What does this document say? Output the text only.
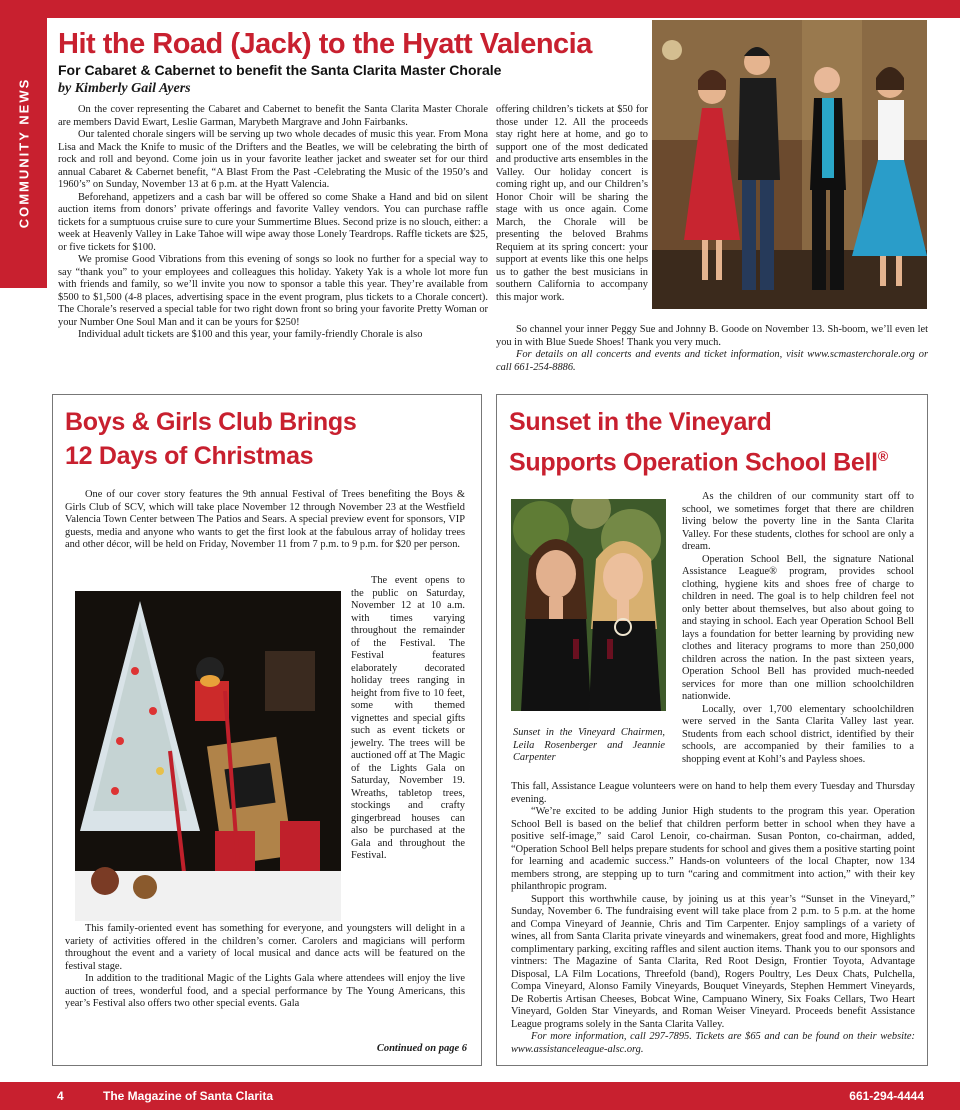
COMMUNITY NEWS
Hit the Road (Jack) to the Hyatt Valencia
For Cabaret & Cabernet to benefit the Santa Clarita Master Chorale
by Kimberly Gail Ayers

On the cover representing the Cabaret and Cabernet to benefit the Santa Clarita Master Chorale are members David Ewart, Leslie Garman, Marybeth Margrave and John Fairbanks.

Our talented chorale singers will be serving up two whole decades of music this year. From Mona Lisa and Mack the Knife to music of the Drifters and the Beatles, we will be celebrating the birth of rock and roll and beyond. Come join us in your favorite leather jacket and sweater set for our third annual Cabaret & Cabernet benefit, “A Blast From the Past -Celebrating the Music of the 1950’s and 1960’s” on Sunday, November 13 at 6 p.m. at the Hyatt Valencia.

Beforehand, appetizers and a cash bar will be offered so come Shake a Hand and bid on silent auction items from donors’ private offerings and favorite Valley vendors. You can purchase raffle tickets for a sumptuous cruise sure to cure your Summertime Blues. Second prize is no slouch, either: a week at Heavenly Valley in Lake Tahoe will wipe away those Lonely Teardrops. Raffle tickets are $25, or five tickets for $100.

We promise Good Vibrations from this evening of songs so look no further for a special way to say “thank you” to your employees and colleagues this holiday. Yakety Yak is a whole lot more fun with friends and family, so we’ll invite you now to sponsor a table this year. They’re available from $500 to $1,500 (4-8 places, advertising space in the event program, plus tickets to a Chorale concert). The Chorale’s reserved a special table for two right down front so bring your favorite Pretty Woman or your Number One Soul Man and it can be yours for $250!

Individual adult tickets are $100 and this year, your family-friendly Chorale is also

offering children’s tickets at $50 for those under 12. All the proceeds stay right here at home, and go to support one of the most dedicated and productive arts ensembles in the Valley. Our holiday concert is coming right up, and our Children’s Honor Choir will be sharing the stage with us once again. Come March, the Chorale will be presenting the beloved Brahms Requiem at its spring concert: your support at events like this one helps us to gather the best musicians in southern California to accompany this major work.

So channel your inner Peggy Sue and Johnny B. Goode on November 13. Sh-boom, we’ll even let you in with Blue Suede Shoes! Thank you very much.

For details on all concerts and events and ticket information, visit www.scmasterchorale.org or call 661-254-8886.

Boys & Girls Club Brings
12 Days of Christmas

One of our cover story features the 9th annual Festival of Trees benefiting the Boys & Girls Club of SCV, which will take place November 12 through November 23 at the Westfield Valencia Town Center between The Patios and Sears. A special preview event for sponsors, VIP guests, media and anyone who wants to get the first look at the fabulous array of holiday trees and other décor, will be held on Friday, November 11 from 7 p.m. to 9 p.m. for $20 per person.

The event opens to the public on Saturday, November 12 at 10 a.m. with times varying throughout the remainder of the Festival. The Festival features elaborately decorated holiday trees ranging in height from five to 10 feet, some with themed vignettes and special gifts such as event tickets or jewelry. The trees will be auctioned off at The Magic of the Lights Gala on Saturday, November 19. Wreaths, tabletop trees, stockings and crafty gingerbread houses can also be purchased at the Gala and throughout the Festival.

This family-oriented event has something for everyone, and youngsters will delight in a variety of activities offered in the children’s corner. Carolers and magicians will perform throughout the event and a variety of local musical and dance acts will be featured on the festival stage.

In addition to the traditional Magic of the Lights Gala where attendees will enjoy the live auction of trees, wonderful food, and a special performance by The Young Americans, this year’s Festival also offers two other special events. Gala

Continued on page 6
Sunset in the Vineyard
Supports Operation School Bell®

Sunset in the Vineyard Chairmen, Leila Rosenberger and Jeannie Carpenter

As the children of our community start off to school, we sometimes forget that there are children living below the poverty line in the Santa Clarita Valley. For these students, clothes for school are only a dream.

Operation School Bell, the signature National Assistance League® program, provides school clothing, hygiene kits and shoes free of charge to children in need. The goal is to help children feel not only better about themselves, but also about going to and staying in school. Each year Operation School Bell lays a foundation for better learning by providing new clothes and literacy programs to more than 250,000 children across the nation. In the past sixteen years, Operation School Bell has provided much-needed services for more than one million schoolchildren nationwide.

Locally, over 1,700 elementary schoolchildren were served in the Santa Clarita Valley last year. Students from each school district, identified by their schools, are accompanied by their families to a shopping event at Kohl’s and Payless shoes.

This fall, Assistance League volunteers were on hand to help them every Tuesday and Thursday evening.

“We’re excited to be adding Junior High students to the program this year. Operation School Bell is based on the belief that children perform better in school when they have a positive self-image,” said Carol Lenoir, co-chairman. Susan Ponton, co-chairman, added, “Operation School Bell helps prepare students for school and gives them a positive starting point for learning and academic success.” Hands-on volunteers of the local Chapter, now 134 members strong, are stepping up to turn “caring and commitment into action,” with their key philanthropic program.

Support this worthwhile cause, by joining us at this year’s “Sunset in the Vineyard,” Sunday, November 6. The fundraising event will take place from 2 p.m. to 5 p.m. at the home and Compa Vineyard of Jeannie, Chris and Tim Carpenter. Enjoy samplings of a variety of wines, all from Santa Clarita private vineyards and winemakers, great food and more, Highlights complimentary parking, exciting raffles and silent auction items. Thank you to our sponsors and vintners: The Magazine of Santa Clarita, Red Root Design, Frontier Toyota, Advantage Disposal, LA Film Locations, Threefold (band), Rogers Poultry, Les Deux Chats, Pulchella, Compa Vineyard, Alonso Family Vineyards, Bouquet Vineyards, Stephen Hemmert Vineyards, De Robertis Artisan Cheeses, Bobcat Wine, Campuano Winery, Six Foaks Cellars, Two Heart Vineyard, Golden Star Vineyards, and Roman Weiser Vineyard. Proceeds benefit Assistance League programs solely in the Santa Clarita Valley.

For more information, call 297-7895. Tickets are $65 and can be found on their website: www.assistanceleague-alsc.org.

4	The Magazine of Santa Clarita	661-294-4444
